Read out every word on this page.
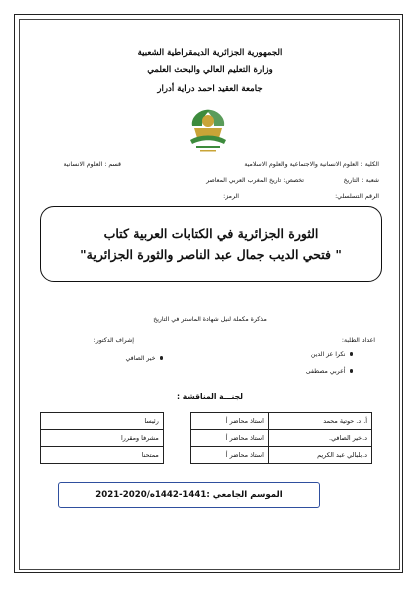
الجمهورية الجزائرية الديمقراطية الشعبية
وزارة التعليم العالي والبحث العلمي
جامعة العقيد احمد دراية أدرار
الكلية : العلوم الانسانية والاجتماعية والعلوم الاسلامية
قسم : العلوم الانسانية
شعبة : التاريخ
تخصص: تاريخ المغرب العربي المعاصر
الرقم التسلسلي:
الرمز:
الثورة الجزائرية في الكتابات العربية كتاب
" فتحي الديب جمال عبد الناصر والثورة الجزائرية"
مذكرة مكملة لنيل شهادة الماستر في التاريخ
اعداد الطلبة:
نكرا عز الدين
أعربي مصطفى
إشراف الدكتور:
خير الصافي
لجنـــة المناقشة :
أ. د. حوتية محمد	استاذ محاضر أ		رئيسا
د.خير الصافي.	استاذ محاضر أ		مشرفا ومقررا
د.بلبالي عبد الكريم	استاذ محاضر أ		ممتحنا
الموسم الجامعي :1441-1442ه/2020-2021
